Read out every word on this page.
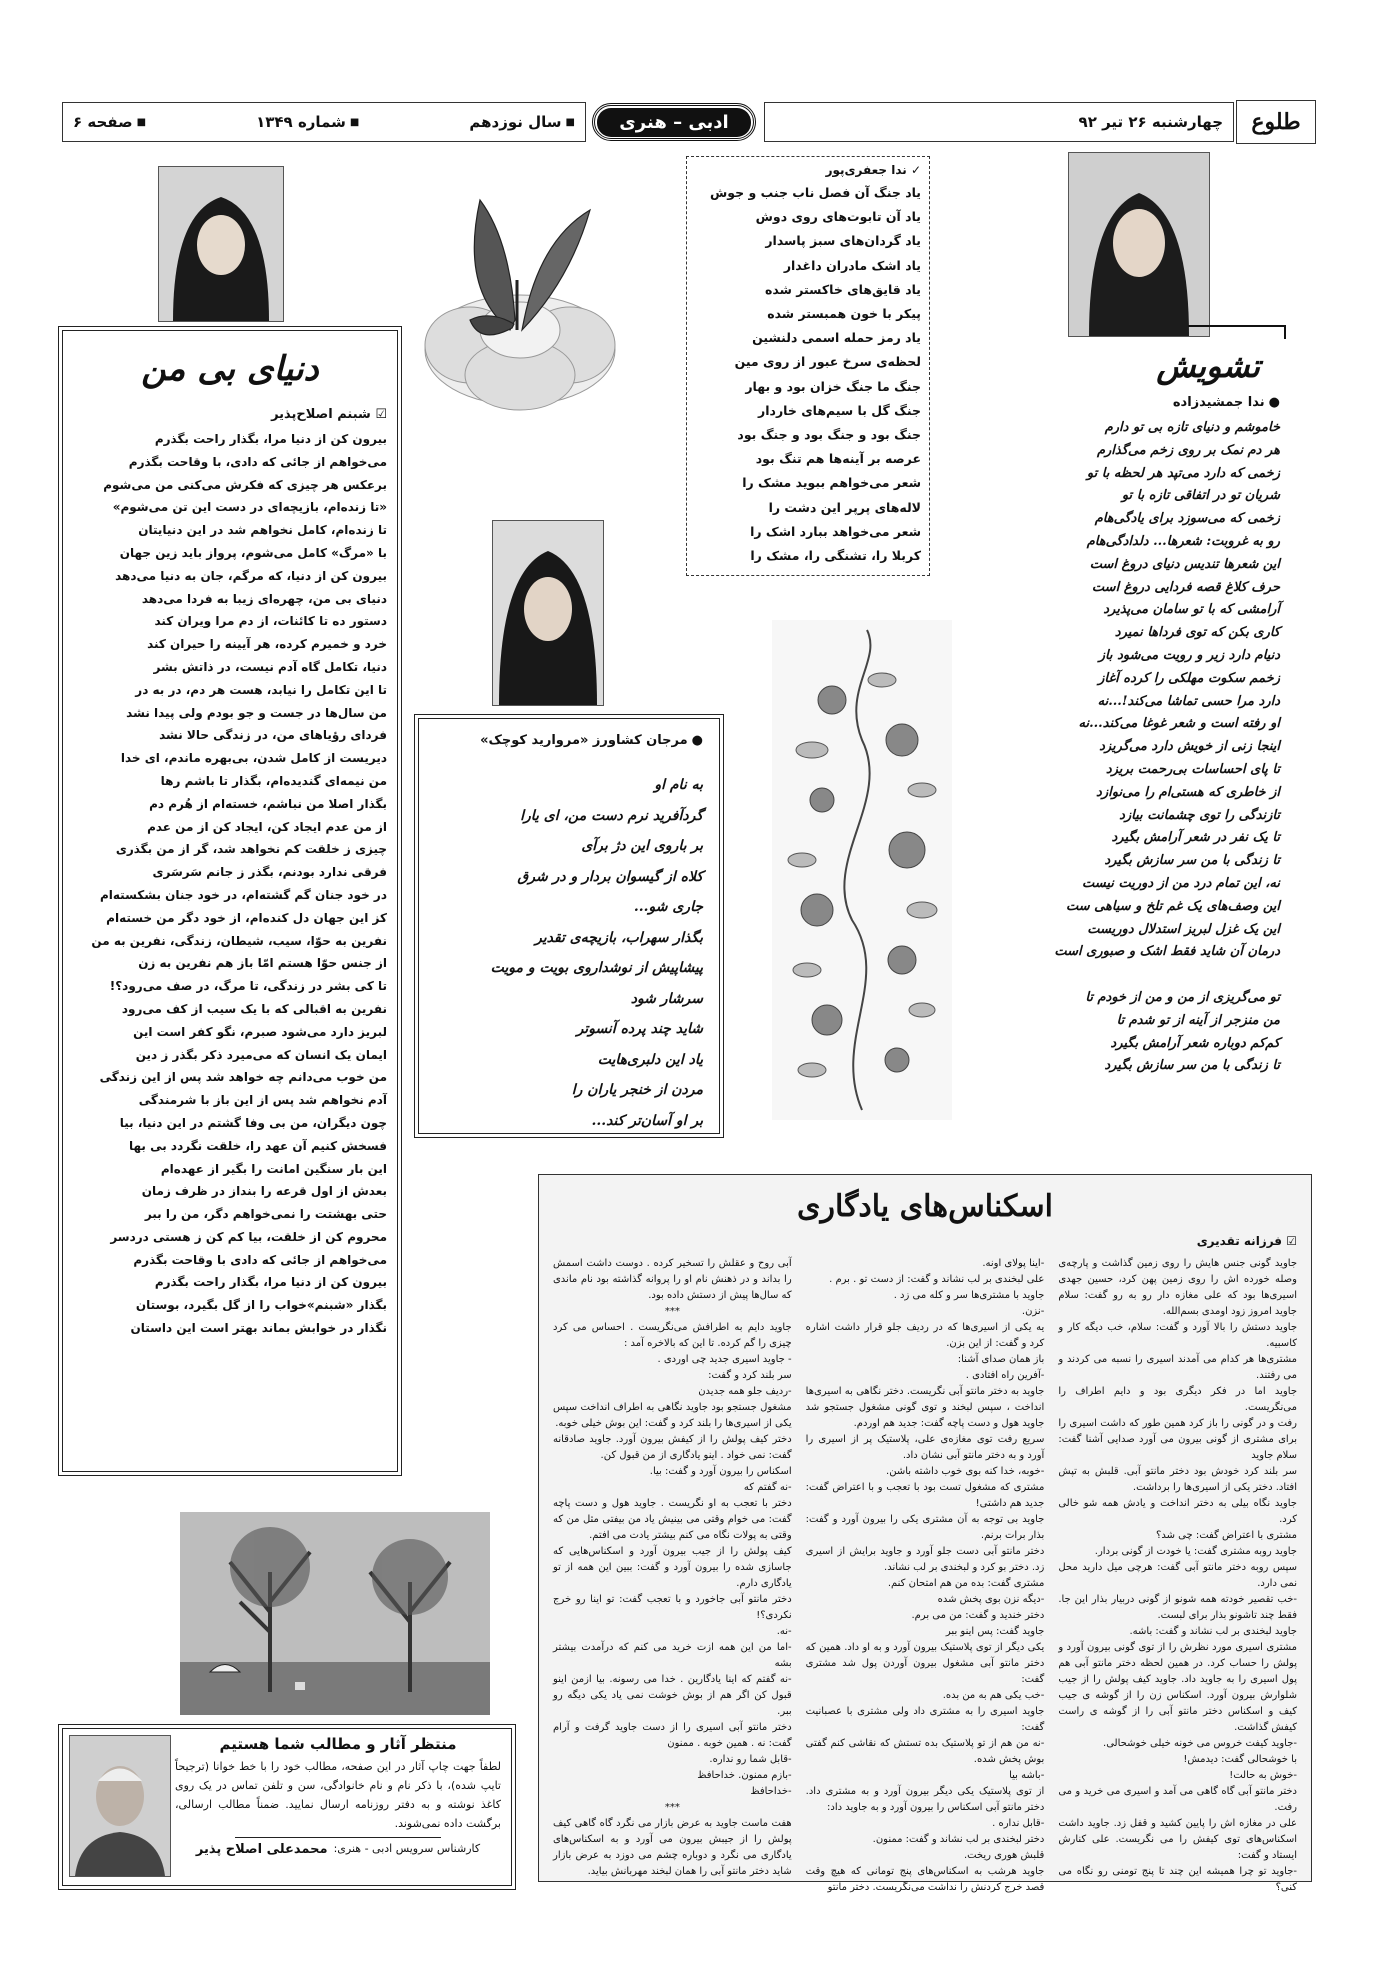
طلوع
چهارشنبه ۲۶ تیر ۹۲
ادبی – هنری
■ سال نوزدهم
■ شماره ۱۳۴۹
■ صفحه ۶
تشویش
●
ندا جمشیدزاده

خاموشم و دنیای تازه بی تو دارم

هر دم نمک بر روی زخم می‌گذارم

زخمی که دارد می‌تپد هر لحظه با تو

شریان تو در اتفاقی تازه با تو

زخمی که می‌سوزد برای یادگی‌هام

رو به غروبت: شعرها... دلدادگی‌هام

این شعرها تندیس دنیای دروغ است

حرف کلاغ قصه فردایی دروغ است

آرامشی که با تو سامان می‌پذیرد

کاری بکن که توی فرداها نمیرد

دنیام دارد زیر و رویت می‌شود باز

زخمم سکوت مهلکی را کرده آغاز

دارد مرا حسی تماشا می‌کند!...نه

او رفته است و شعر غوغا می‌کند...نه

اینجا زنی از خویش دارد می‌گریزد

تا پای احساسات بی‌رحمت بریزد

از خاطری که هستی‌ام را می‌نوازد

تازندگی را توی چشمانت بیازد

تا یک نفر در شعر آرامش بگیرد

تا زندگی با من سر سازش بگیرد

نه، این تمام درد من از دوریت نیست

این وصف‌های یک غم تلخ و سیاهی ست

این یک غزل لبریز استدلال دوریست

درمان آن شاید فقط اشک و صبوری است

تو می‌گریزی از من و من از خودم تا

من منزجر از آینه از تو شدم تا

کم‌کم دوباره شعر آرامش بگیرد

تا زندگی با من سر سازش بگیرد

✓ ندا جعفری‌پور

یاد جنگ آن فصل ناب جنب و جوش

یاد آن تابوت‌های روی دوش

یاد گردان‌های سبز پاسدار

یاد اشک مادران داغدار

یاد قایق‌های خاکستر شده

پیکر با خون همبستر شده

یاد رمز حمله اسمی دلنشین

لحظه‌ی سرخ عبور از روی مین

جنگ ما جنگ خزان بود و بهار

جنگ گل با سیم‌های خاردار

جنگ بود و جنگ بود و جنگ بود

عرصه بر آینه‌ها هم تنگ بود

شعر می‌خواهم ببوید مشک را

لاله‌های پرپر این دشت را

شعر می‌خواهد ببارد اشک را

کربلا را، تشنگی را، مشک را

●
مرجان کشاورز «مروارید کوچک»

به نام او

گردآفرید نرم دست من، ای یارا

بر باروی این دژ برآی

کلاه از گیسوان بردار و در شرق

جاری شو...

بگذار سهراب، بازیچه‌ی تقدیر

پیشاپیش از نوشداروی بویت و مویت

سرشار شود

شاید چند پرده آنسوتر

یاد این دلبری‌هایت

مردن از خنجر یاران را

بر او آسان‌تر کند...

دنیای بی من
☑ شبنم اصلاح‌پذیر

بیرون کن از دنیا مرا، بگذار راحت بگذرم

می‌خواهم از جائی که دادی، با وقاحت بگذرم

برعکس هر چیزی که فکرش می‌کنی من می‌شوم

«تا زنده‌ام، بازیچه‌ای در دست این تن می‌شوم»

تا زنده‌ام، کامل نخواهم شد در این دنیایتان

با «مرگ» کامل می‌شوم، پرواز باید زین جهان

بیرون کن از دنیا، که مرگم، جان به دنیا می‌دهد

دنیای بی من، چهره‌ای زیبا به فردا می‌دهد

دستور ده تا کائنات، از دم مرا ویران کند

خرد و خمیرم کرده، هر آیینه را حیران کند

دنیا، تکامل گاه آدم نیست، در ذاتش بشر

تا این تکامل را نیابد، هست هر دم، در به در

من سال‌ها در جست و جو بودم ولی پیدا نشد

فردای رؤیاهای من، در زندگی حالا نشد

دیریست از کامل شدن، بی‌بهره ماندم، ای خدا

من نیمه‌ای گندیده‌ام، بگذار تا باشم رها

بگذار اصلا من نباشم، خسته‌ام از هُرم دم

از من عدم ایجاد کن، ایجاد کن از من عدم

چیزی ز خلقت کم نخواهد شد، گر از من بگذری

فرقی ندارد بودنم، بگذر ز جانم سَرسَری

در خود جنان گم گشته‌ام، در خود جنان بشکسته‌ام

کز این جهان دل کنده‌ام، از خود دگر من خسته‌ام

نفرین به حوّا، سیب، شیطان، زندگی، نفرین به من

از جنس حوّا هستم امّا باز هم نفرین به زن

تا کی بشر در زندگی، تا مرگ، در صف می‌رود؟!

نفرین به اقبالی که با یک سیب از کف می‌رود

لبریز دارد می‌شود صبرم، نگو کفر است این

ایمان یک انسان که می‌میرد ذکر بگذر ز دین

من خوب می‌دانم چه خواهد شد پس از این زندگی

آدم نخواهم شد پس از این باز با شرمندگی

چون دیگران، من بی وفا گشتم در این دنیا، بیا

فسخش کنیم آن عهد را، خلقت نگردد بی بها

این بار سنگین امانت را بگیر از عهده‌ام

بعدش از اول قرعه را بنداز در ظرف زمان

حتی بهشتت را نمی‌خواهم دگر، من را ببر

محروم کن از خلقت، بیا کم کن ز هستی دردسر

می‌خواهم از جائی که دادی با وقاحت بگذرم

بیرون کن از دنیا مرا، بگذار راحت بگذرم

بگذار «شبنم»خواب را از گل بگیرد، بوستان

نگذار در خوابش بماند بهتر است این داستان

منتظر آثار و مطالب شما هستیم
لطفاً جهت چاپ آثار در این صفحه، مطالب خود را با خط خوانا (ترجیحاً تایپ شده)، با ذکر نام و نام خانوادگی، سن و تلفن تماس در یک روی کاغذ نوشته و به دفتر روزنامه ارسال نمایید. ضمناً مطالب ارسالی، برگشت داده نمی‌شوند.
کارشناس سرویس ادبی - هنری:
محمدعلی اصلاح پذیر
اسکناس‌های یادگاری
☑ فرزانه تقدیری

جاوید گونی جنس هایش را روی زمین گذاشت و پارچه‌ی وصله خورده اش را روی زمین پهن کرد، حسین جهدی اسیری‌ها بود که علی مغازه دار رو به رو گفت: سلام جاوید امروز زود اومدی بسم‌الله.

جاوید دستش را بالا آورد و گفت: سلام، خب دیگه کار و کاسبیه.

مشتری‌ها هر کدام می آمدند اسیری را نسبه می کردند و می رفتند.

جاوید اما در فکر دیگری بود و دایم اطراف را می‌نگریست.

رفت و در گونی را باز کرد همین طور که داشت اسیری را برای مشتری از گونی بیرون می آورد صدایی آشنا گفت: سلام جاوید

سر بلند کرد خودش بود دختر مانتو آبی. قلبش به تپش افتاد. دختر یکی از اسیری‌ها را برداشت.

جاوید نگاه بیلی به دختر انداخت و یادش همه شو خالی کرد.

مشتری با اعتراض گفت: چی شد؟

جاوید روبه مشتری گفت: یا خودت از گونی بردار.

سپس روبه دختر مانتو آبی گفت: هرچی میل دارید محل نمی دارد.

-خب تقصیر خودته همه شونو از گونی دربیار بذار این جا. فقط چند تاشونو بذار برای لبست.

جاوید لبخندی بر لب نشاند و گفت: باشه.

مشتری اسیری مورد نظرش را از توی گونی بیرون آورد و پولش را حساب کرد. در همین لحظه دختر مانتو آبی هم پول اسیری را به جاوید داد. جاوید کیف پولش را از جیب شلوارش بیرون آورد. اسکناس زن را از گوشه ی جیب کیف و اسکناس دختر مانتو آبی را از گوشه ی راست کیفش گذاشت.

-جاوید کیفت خروس می خونه خیلی خوشحالی.

با خوشحالی گفت: دیدمش!

-خوش به حالت!

دختر مانتو آبی گاه گاهی می آمد و اسیری می خرید و می رفت.

علی در مغازه اش را پایین کشید و قفل زد. جاوید داشت اسکناس‌های توی کیفش را می نگریست. علی کنارش ایستاد و گفت:

-جاوید تو چرا همیشه این چند تا پنج تومنی رو نگاه می کنی؟

-اینا پولای اونه.

علی لبخندی بر لب نشاند و گفت: از دست تو . برم .

جاوید با مشتری‌ها سر و کله می زد .

-نزن.

یه یکی از اسیری‌ها که در ردیف جلو قرار داشت اشاره کرد و گفت: از این بزن.

باز همان صدای آشنا:

-آفرین راه افتادی .

جاوید به دختر مانتو آبی نگریست. دختر نگاهی به اسیری‌ها انداخت ، سپس لبخند و توی گونی مشغول جستجو شد جاوید هول و دست پاچه گفت: جدید هم اوردم.

سریع رفت توی مغازه‌ی علی، پلاستیک پر از اسیری را آورد و به دختر مانتو آبی نشان داد.

-خوبه، خدا کنه بوی خوب داشته باشن.

مشتری که مشغول تست بود با تعجب و با اعتراض گفت: جدید هم داشتی!

جاوید بی توجه به آن مشتری یکی را بیرون آورد و گفت: بذار برات برنم.

دختر مانتو آبی دست جلو آورد و جاوید برایش از اسیری زد. دختر بو کرد و لبخندی بر لب نشاند.

مشتری گفت: بده من هم امتحان کنم.

-دیگه نزن بوی پخش شده

دختر خندید و گفت: من می برم.

جاوید گفت: پس اینو ببر

یکی دیگر از توی پلاستیک بیرون آورد و به او داد. همین که دختر مانتو آبی مشغول بیرون آوردن پول شد مشتری گفت:

-خب یکی هم به من بده.

جاوید اسیری را به مشتری داد ولی مشتری با عصبانیت گفت:

-نه من هم از تو پلاستیک بده تستش که نقاشی کنم گفتی بوش پخش شده.

-باشه بیا

از توی پلاستیک یکی دیگر بیرون آورد و به مشتری داد. دختر مانتو آبی اسکناس را بیرون آورد و به جاوید داد:

-قابل نداره .

دختر لبخندی بر لب نشاند و گفت: ممنون.

قلبش هوری ریخت.

جاوید هرشب به اسکناس‌های پنج تومانی که هیچ وقت قصد خرج کردنش را نداشت می‌نگریست. دختر مانتو

آبی روح و عقلش را تسخیر کرده . دوست داشت اسمش را بداند و در ذهنش نام او را پروانه گذاشته بود نام ماندی که سال‌ها پیش از دستش داده بود.

***

جاوید دایم به اطرافش می‌نگریست . احساس می کرد چیزی را گم کرده. تا این که بالاخره آمد :

- جاوید اسیری جدید چی اوردی .

سر بلند کرد و گفت:

-ردیف جلو همه جدیدن

مشغول جستجو بود جاوید نگاهی به اطراف انداخت سپس یکی از اسیری‌ها را بلند کرد و گفت: این بوش خیلی خوبه.

دختر کیف پولش را از کیفش بیرون آورد. جاوید صادقانه گفت: نمی خواد . اینو یادگاری از من قبول کن.

اسکناس را بیرون آورد و گفت: بیا.

-نه گفتم که

دختر با تعجب به او نگریست . جاوید هول و دست پاچه گفت: می خوام وقتی می بینیش یاد من بیفتی مثل من که وقتی به پولات نگاه می کنم بیشتر یادت می افتم.

کیف پولش را از جیب بیرون آورد و اسکناس‌هایی که جاسازی شده را بیرون آورد و گفت: ببین این همه از تو یادگاری دارم.

دختر مانتو آبی جاخورد و با تعجب گفت: تو اینا رو خرج نکردی؟!

-نه.

-اما من این همه ازت خرید می کنم که درآمدت بیشتر بشه

-نه گفتم که اینا یادگارین . خدا می رسونه. بیا ازمن اینو قبول کن اگر هم از بوش خوشت نمی یاد یکی دیگه رو ببر.

دختر مانتو آبی اسیری را از دست جاوید گرفت و آرام گفت: نه . همین خوبه . ممنون

-قابل شما رو نداره.

-بازم ممنون. خداحافظ

-خداحافظ

***

هفت ماست جاوید به عرض بازار می نگرد گاه گاهی کیف پولش را از جیبش بیرون می آورد و به اسکناس‌های یادگاری می نگرد و دوباره چشم می دوزد به عرض بازار شاید دختر مانتو آبی را همان لبخند مهربانش بیاید.
